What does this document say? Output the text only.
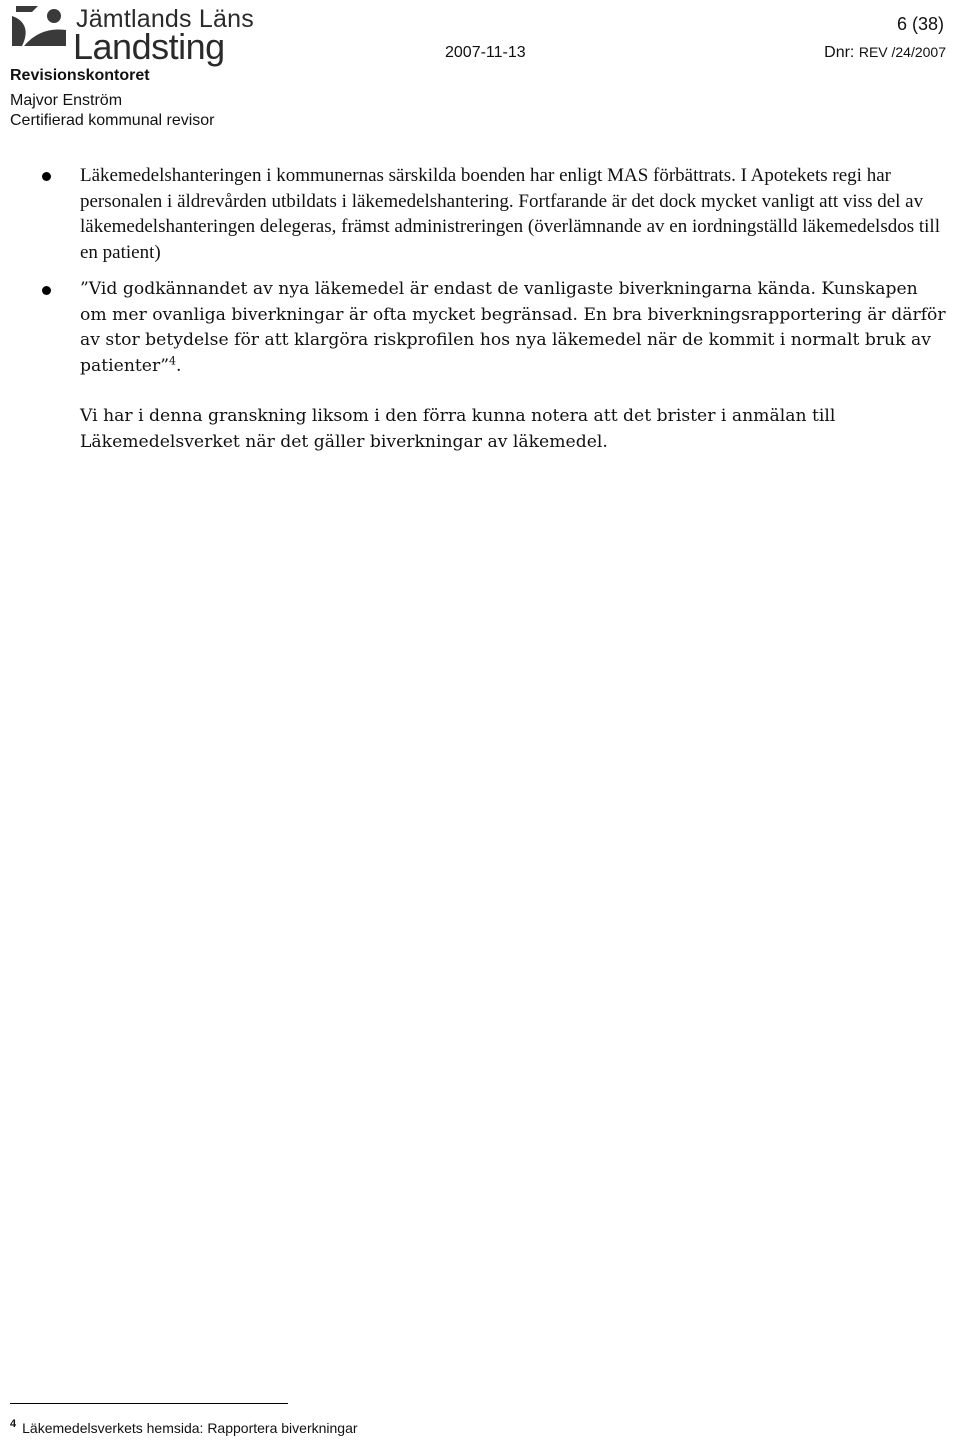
Jämtlands Läns
Landsting
6 (38)
2007-11-13	Dnr: REV /24/2007
Revisionskontoret
Majvor Enström
Certifierad kommunal revisor
Läkemedelshanteringen i kommunernas särskilda boenden har enligt MAS förbättrats. I Apotekets regi har personalen i äldrevården utbildats i läkemedelshantering. Fortfarande är det dock mycket vanligt att viss del av läkemedelshanteringen delegeras, främst administreringen (överlämnande av en iordningställd läkemedelsdos till en patient)
”Vid godkännandet av nya läkemedel är endast de vanligaste biverkningarna kända. Kunskapen om mer ovanliga biverkningar är ofta mycket begränsad. En bra biverkningsrapportering är därför av stor betydelse för att klargöra riskprofilen hos nya läkemedel när de kommit i normalt bruk av patienter”$^4$.

Vi har i denna granskning liksom i den förra kunna notera att det brister i anmälan till Läkemedelsverket när det gäller biverkningar av läkemedel.

$^4$ Läkemedelsverkets hemsida: Rapportera biverkningar
